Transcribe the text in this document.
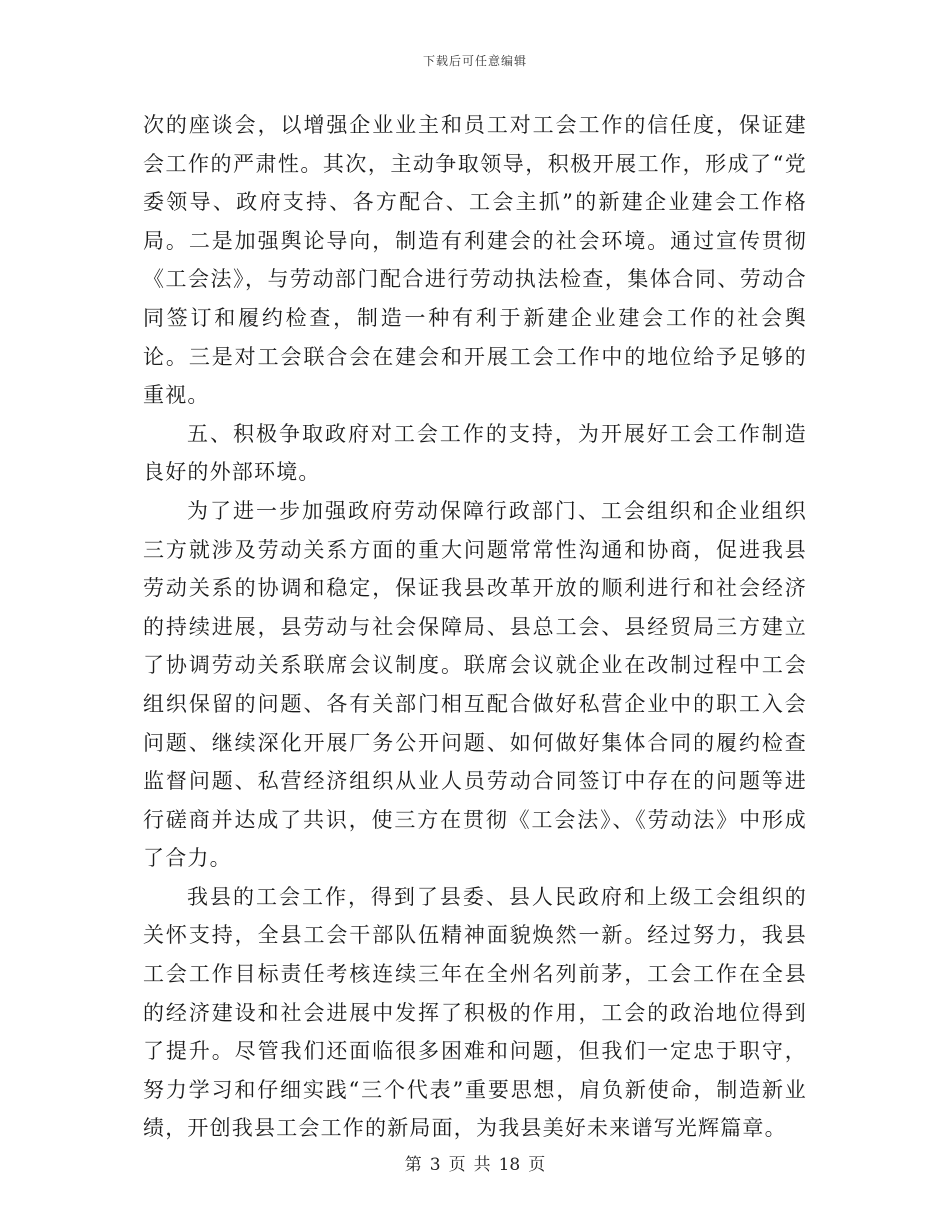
下载后可任意编辑

次的座谈会，以增强企业业主和员工对工会工作的信任度，保证建会工作的严肃性。其次，主动争取领导，积极开展工作，形成了“党委领导、政府支持、各方配合、工会主抓”的新建企业建会工作格局。二是加强舆论导向，制造有利建会的社会环境。通过宣传贯彻《工会法》，与劳动部门配合进行劳动执法检查，集体合同、劳动合同签订和履约检查，制造一种有利于新建企业建会工作的社会舆论。三是对工会联合会在建会和开展工会工作中的地位给予足够的重视。

五、积极争取政府对工会工作的支持，为开展好工会工作制造良好的外部环境。

为了进一步加强政府劳动保障行政部门、工会组织和企业组织三方就涉及劳动关系方面的重大问题常常性沟通和协商，促进我县劳动关系的协调和稳定，保证我县改革开放的顺利进行和社会经济的持续进展，县劳动与社会保障局、县总工会、县经贸局三方建立了协调劳动关系联席会议制度。联席会议就企业在改制过程中工会组织保留的问题、各有关部门相互配合做好私营企业中的职工入会问题、继续深化开展厂务公开问题、如何做好集体合同的履约检查监督问题、私营经济组织从业人员劳动合同签订中存在的问题等进行磋商并达成了共识，使三方在贯彻《工会法》、《劳动法》中形成了合力。

我县的工会工作，得到了县委、县人民政府和上级工会组织的关怀支持，全县工会干部队伍精神面貌焕然一新。经过努力，我县工会工作目标责任考核连续三年在全州名列前茅，工会工作在全县的经济建设和社会进展中发挥了积极的作用，工会的政治地位得到了提升。尽管我们还面临很多困难和问题，但我们一定忠于职守，努力学习和仔细实践“三个代表”重要思想，肩负新使命，制造新业绩，开创我县工会工作的新局面，为我县美好未来谱写光辉篇章。

第 3 页 共 18 页
